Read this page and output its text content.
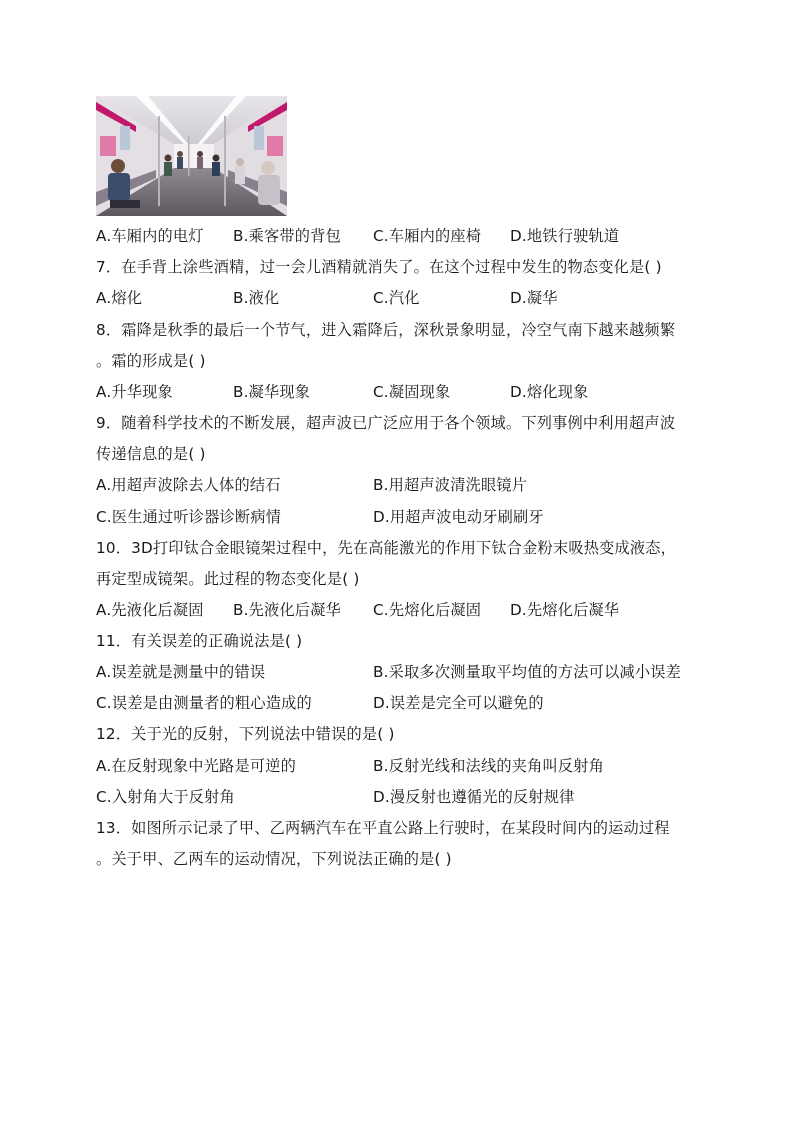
A.车厢内的电灯 B.乘客带的背包 C.车厢内的座椅 D.地铁行驶轨道
7．在手背上涂些酒精，过一会儿酒精就消失了。在这个过程中发生的物态变化是( )
A.熔化	B.液化	C.汽化	D.凝华
8．霜降是秋季的最后一个节气，进入霜降后，深秋景象明显，冷空气南下越来越频繁
。霜的形成是( )
A.升华现象	B.凝华现象	C.凝固现象	D.熔化现象
9．随着科学技术的不断发展，超声波已广泛应用于各个领域。下列事例中利用超声波
传递信息的是( )
A.用超声波除去人体的结石	B.用超声波清洗眼镜片
C.医生通过听诊器诊断病情	D.用超声波电动牙刷刷牙
10．3D打印钛合金眼镜架过程中，先在高能激光的作用下钛合金粉末吸热变成液态，
再定型成镜架。此过程的物态变化是( )
A.先液化后凝固 B.先液化后凝华 C.先熔化后凝固 D.先熔化后凝华
11．有关误差的正确说法是( )
A.误差就是测量中的错误	B.采取多次测量取平均值的方法可以减小误差
C.误差是由测量者的粗心造成的	D.误差是完全可以避免的
12．关于光的反射，下列说法中错误的是( )
A.在反射现象中光路是可逆的	B.反射光线和法线的夹角叫反射角
C.入射角大于反射角	D.漫反射也遵循光的反射规律
13．如图所示记录了甲、乙两辆汽车在平直公路上行驶时，在某段时间内的运动过程
。关于甲、乙两车的运动情况，下列说法正确的是( )
